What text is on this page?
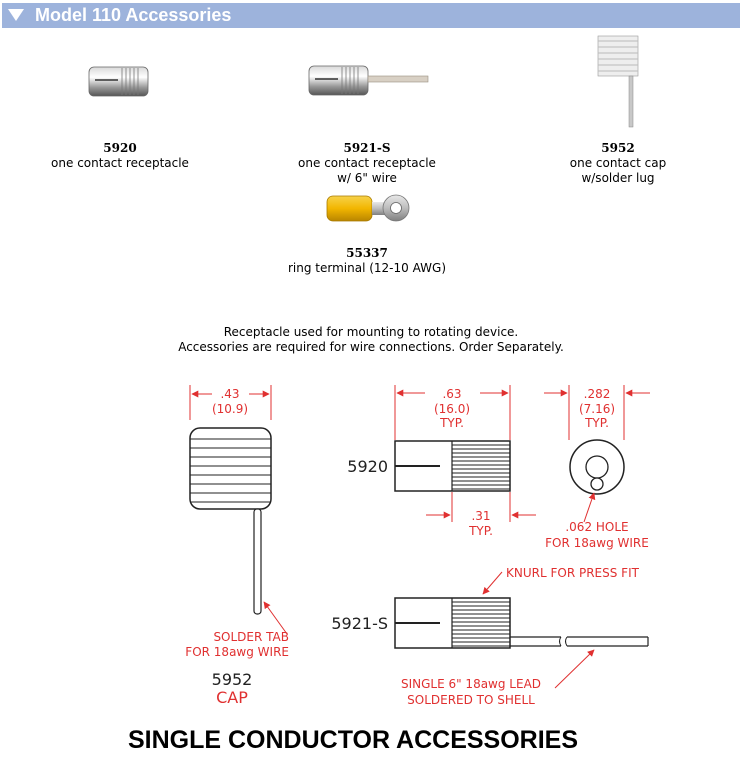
Model 110 Accessories
5920
one contact receptacle
5921-S
one contact receptacle
w/ 6" wire
5952
one contact cap
w/solder lug
55337
ring terminal (12-10 AWG)
Receptacle used for mounting to rotating device.
Accessories are required for wire connections. Order Separately.
.43
(10.9)
SOLDER TAB
FOR 18awg WIRE
5952
CAP
.63
(16.0)
TYP.
5920
.31
TYP.
.282
(7.16)
TYP.
.062 HOLE
FOR 18awg WIRE
KNURL FOR PRESS FIT
5921-S
SINGLE 6" 18awg LEAD
SOLDERED TO SHELL
SINGLE CONDUCTOR ACCESSORIES
